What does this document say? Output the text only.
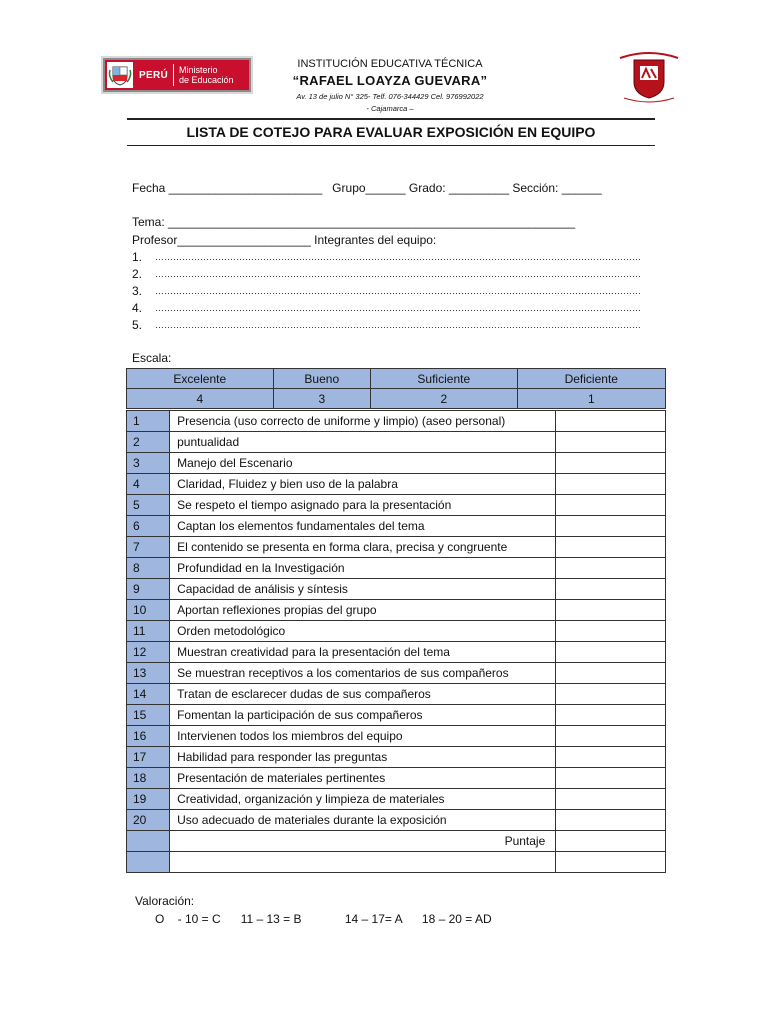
PERÚ Ministerio
de Educación
INSTITUCIÓN EDUCATIVA TÉCNICA
“RAFAEL LOAYZA GUEVARA”
Av. 13 de julio N° 325- Telf. 076-344429 Cel. 976992022
- Cajamarca –
LISTA DE COTEJO PARA EVALUAR EXPOSICIÓN EN EQUIPO
Fecha _______________________   Grupo______ Grado: _________ Sección: ______
Tema: _____________________________________________________________
Profesor____________________ Integrantes del equipo:
1. ………………………………………………………………………………………………………………………………………………
2. ………………………………………………………………………………………………………………………………………………
3. ………………………………………………………………………………………………………………………………………………
4. ………………………………………………………………………………………………………………………………………………
5. ………………………………………………………………………………………………………………………………………………
Escala:
Excelente	Bueno	Suficiente	Deficiente
4	3	2	1
1	Presencia (uso correcto de uniforme y limpio) (aseo personal)	
2	puntualidad	
3	Manejo del Escenario	
4	Claridad, Fluidez y bien uso de la palabra	
5	Se respeto el tiempo asignado para la presentación	
6	Captan los elementos fundamentales del tema	
7	El contenido se presenta en forma clara, precisa y congruente	
8	Profundidad en la Investigación	
9	Capacidad de análisis y síntesis	
10	Aportan reflexiones propias del grupo	
11	Orden metodológico	
12	Muestran creatividad para la presentación del tema	
13	Se muestran receptivos a los comentarios de sus compañeros	
14	Tratan de esclarecer dudas de sus compañeros	
15	Fomentan la participación de sus compañeros	
16	Intervienen todos los miembros del equipo	
17	Habilidad para responder las preguntas	
18	Presentación de materiales pertinentes	
19	Creatividad, organización y limpieza de materiales	
20	Uso adecuado de materiales durante la exposición	
	Puntaje	

Valoración:
O    - 10 = C      11 – 13 = B             14 – 17= A      18 – 20 = AD
